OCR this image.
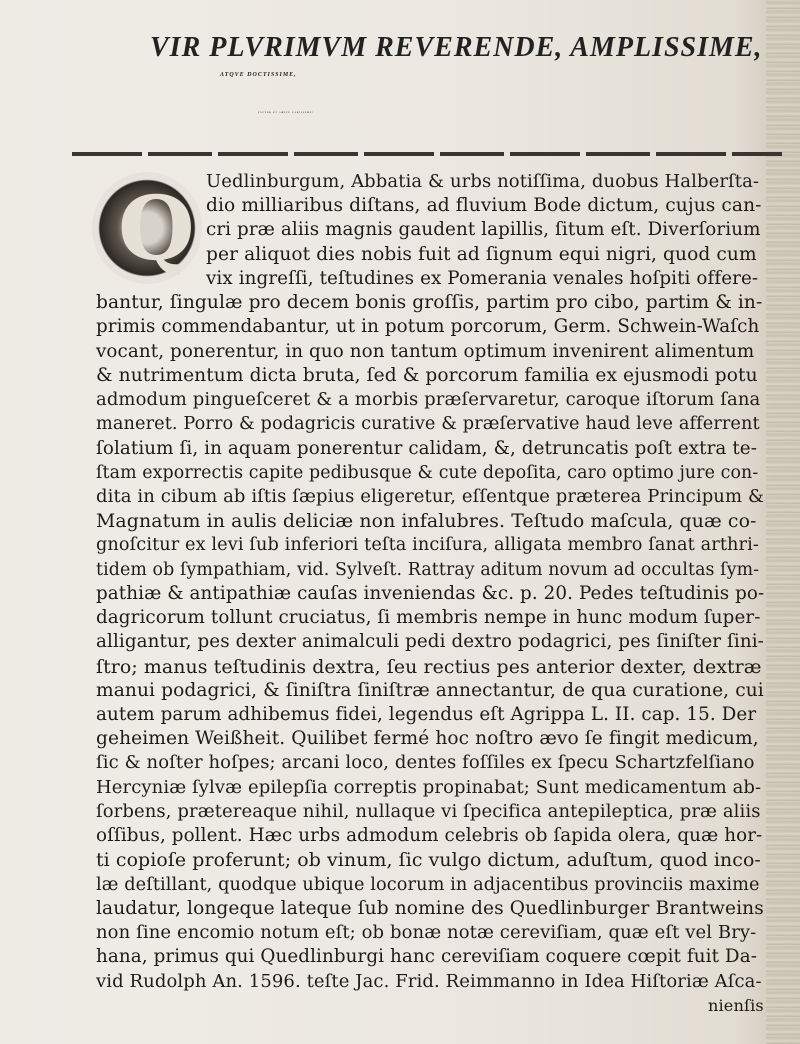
VIR PLVRIMVM REVERENDE, AMPLISSIME,
ATQVE DOCTISSIME,
FAVTOR ET AMICE CARISSIME!
Q Uedlinburgum, Abbatia & urbs notiſſima, duobus Halberſta-
dio milliaribus diſtans, ad fluvium Bode dictum, cujus can-
cri præ aliis magnis gaudent lapillis, ſitum eſt. Diverſorium
per aliquot dies nobis fuit ad ſignum equi nigri, quod cum
vix ingreſſi, teſtudines ex Pomerania venales hoſpiti offere-
bantur, ſingulæ pro decem bonis groſſis, partim pro cibo, partim & in-
primis commendabantur, ut in potum porcorum, Germ. Schwein-Waſch
vocant, ponerentur, in quo non tantum optimum invenirent alimentum
& nutrimentum dicta bruta, ſed & porcorum familia ex ejusmodi potu
admodum pingueſceret & a morbis præſervaretur, caroque iſtorum ſana
maneret. Porro & podagricis curative & præſervative haud leve afferrent
ſolatium ſi, in aquam ponerentur calidam, &, detruncatis poſt extra te-
ſtam exporrectis capite pedibusque & cute depoſita, caro optimo jure con-
dita in cibum ab iſtis ſæpius eligeretur, eſſentque præterea Principum &
Magnatum in aulis deliciæ non infalubres. Teſtudo maſcula, quæ co-
gnoſcitur ex levi ſub inferiori teſta inciſura, alligata membro ſanat arthri-
tidem ob ſympathiam, vid. Sylveſt. Rattray aditum novum ad occultas ſym-
pathiæ & antipathiæ cauſas inveniendas &c. p. 20. Pedes teſtudinis po-
dagricorum tollunt cruciatus, ſi membris nempe in hunc modum ſuper-
alligantur, pes dexter animalculi pedi dextro podagrici, pes ſiniſter ſini-
ſtro; manus teſtudinis dextra, ſeu rectius pes anterior dexter, dextræ
manui podagrici, & ſiniſtra ſiniſtræ annectantur, de qua curatione, cui
autem parum adhibemus fidei, legendus eſt Agrippa L. II. cap. 15. Der
geheimen Weißheit. Quilibet fermé hoc noſtro ævo ſe fingit medicum,
ſic & noſter hoſpes; arcani loco, dentes foſſiles ex ſpecu Schartzfelſiano
Hercyniæ ſylvæ epilepſia correptis propinabat; Sunt medicamentum ab-
ſorbens, prætereaque nihil, nullaque vi ſpecifica antepileptica, præ aliis
oſſibus, pollent. Hæc urbs admodum celebris ob ſapida olera, quæ hor-
ti copioſe proferunt; ob vinum, ſic vulgo dictum, aduſtum, quod inco-
læ deſtillant, quodque ubique locorum in adjacentibus provinciis maxime
laudatur, longeque lateque ſub nomine des Quedlinburger Brantweins
non ſine encomio notum eſt; ob bonæ notæ cereviſiam, quæ eſt vel Bry-
hana, primus qui Quedlinburgi hanc cereviſiam coquere cœpit fuit Da-
vid Rudolph An. 1596. teſte Jac. Frid. Reimmanno in Idea Hiſtoriæ Aſca-
nienſis
